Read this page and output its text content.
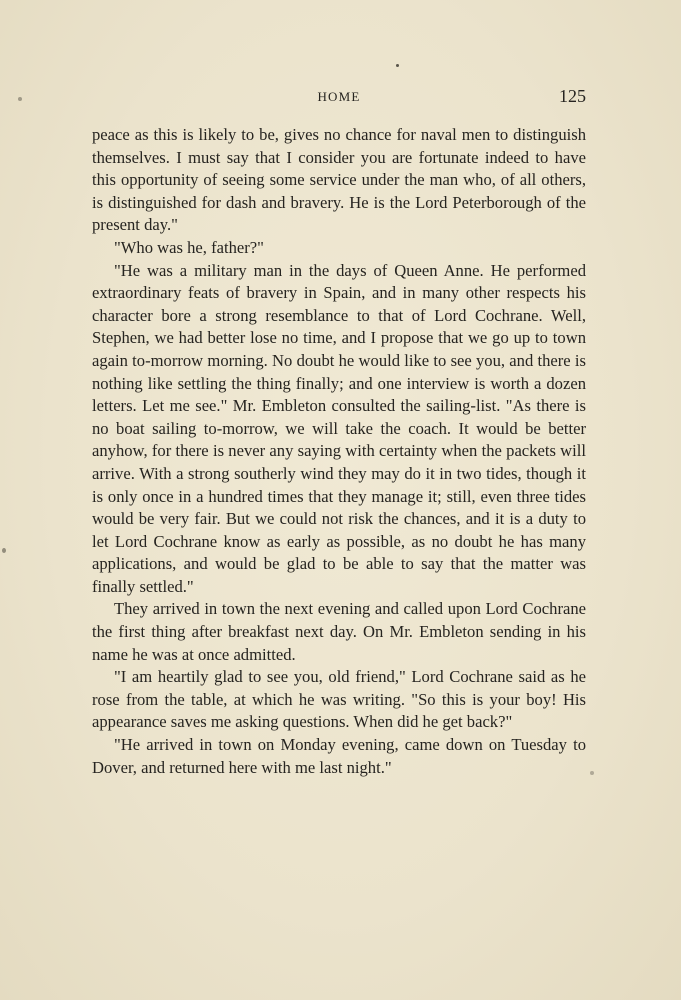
HOME	125

peace as this is likely to be, gives no chance for naval men to distinguish themselves. I must say that I consider you are fortunate indeed to have this opportunity of seeing some service under the man who, of all others, is distinguished for dash and bravery. He is the Lord Peterborough of the present day."

"Who was he, father?"

"He was a military man in the days of Queen Anne. He performed extraordinary feats of bravery in Spain, and in many other respects his character bore a strong resemblance to that of Lord Cochrane. Well, Stephen, we had better lose no time, and I propose that we go up to town again to-morrow morning. No doubt he would like to see you, and there is nothing like settling the thing finally; and one interview is worth a dozen letters. Let me see." Mr. Embleton consulted the sailing-list. "As there is no boat sailing to-morrow, we will take the coach. It would be better anyhow, for there is never any saying with certainty when the packets will arrive. With a strong southerly wind they may do it in two tides, though it is only once in a hundred times that they manage it; still, even three tides would be very fair. But we could not risk the chances, and it is a duty to let Lord Cochrane know as early as possible, as no doubt he has many applications, and would be glad to be able to say that the matter was finally settled."

They arrived in town the next evening and called upon Lord Cochrane the first thing after breakfast next day. On Mr. Embleton sending in his name he was at once admitted.

"I am heartily glad to see you, old friend," Lord Cochrane said as he rose from the table, at which he was writing. "So this is your boy! His appearance saves me asking questions. When did he get back?"

"He arrived in town on Monday evening, came down on Tuesday to Dover, and returned here with me last night."
